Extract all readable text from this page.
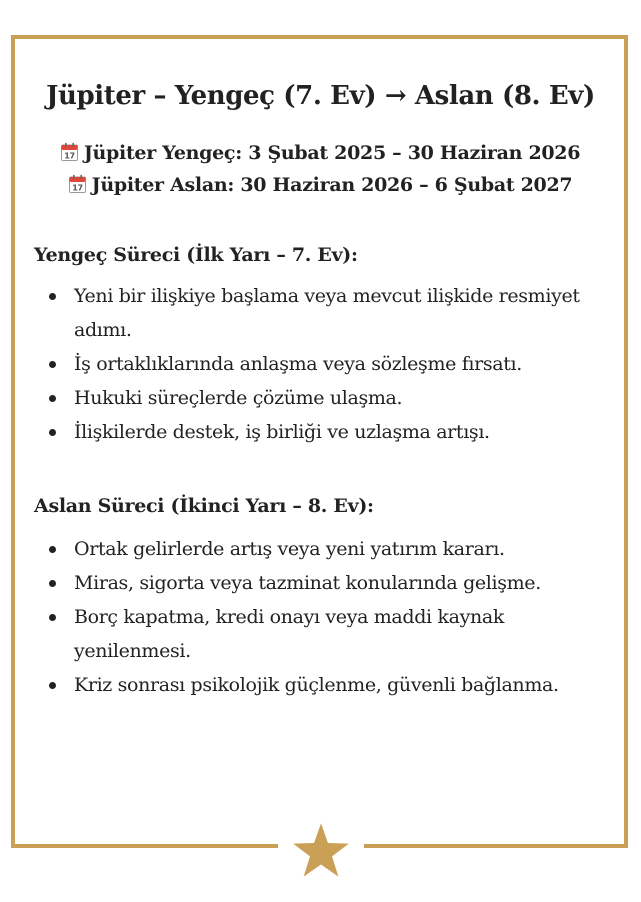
Jüpiter – Yengeç (7. Ev) → Aslan (8. Ev)
17 Jüpiter Yengeç: 3 Şubat 2025 – 30 Haziran 2026
17 Jüpiter Aslan: 30 Haziran 2026 – 6 Şubat 2027
Yengeç Süreci (İlk Yarı – 7. Ev):
Yeni bir ilişkiye başlama veya mevcut ilişkide resmiyet adımı.
İş ortaklıklarında anlaşma veya sözleşme fırsatı.
Hukuki süreçlerde çözüme ulaşma.
İlişkilerde destek, iş birliği ve uzlaşma artışı.
Aslan Süreci (İkinci Yarı – 8. Ev):
Ortak gelirlerde artış veya yeni yatırım kararı.
Miras, sigorta veya tazminat konularında gelişme.
Borç kapatma, kredi onayı veya maddi kaynak yenilenmesi.
Kriz sonrası psikolojik güçlenme, güvenli bağlanma.
